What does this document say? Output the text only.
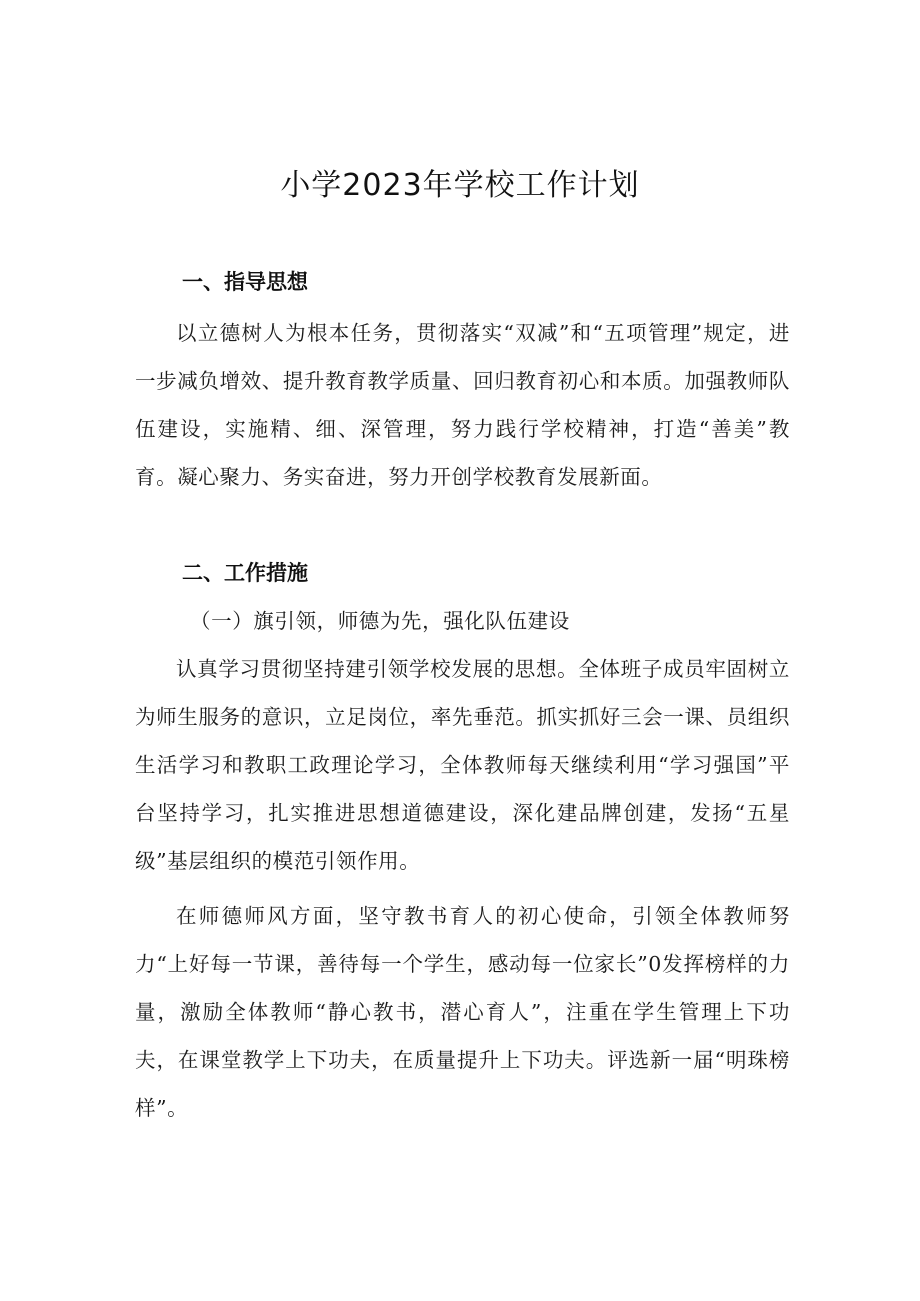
小学2023年学校工作计划
一、指导思想
以立德树人为根本任务，贯彻落实“双减”和“五项管理”规定，进一步减负增效、提升教育教学质量、回归教育初心和本质。加强教师队伍建设，实施精、细、深管理，努力践行学校精神，打造“善美”教育。凝心聚力、务实奋进，努力开创学校教育发展新面。
二、工作措施
（一）旗引领，师德为先，强化队伍建设
认真学习贯彻坚持建引领学校发展的思想。全体班子成员牢固树立为师生服务的意识，立足岗位，率先垂范。抓实抓好三会一课、员组织生活学习和教职工政理论学习，全体教师每天继续利用“学习强国”平台坚持学习，扎实推进思想道德建设，深化建品牌创建，发扬“五星级”基层组织的模范引领作用。
在师德师风方面，坚守教书育人的初心使命，引领全体教师努力“上好每一节课，善待每一个学生，感动每一位家长”0发挥榜样的力量，激励全体教师“静心教书，潜心育人”，注重在学生管理上下功夫，在课堂教学上下功夫，在质量提升上下功夫。评选新一届“明珠榜样”。
